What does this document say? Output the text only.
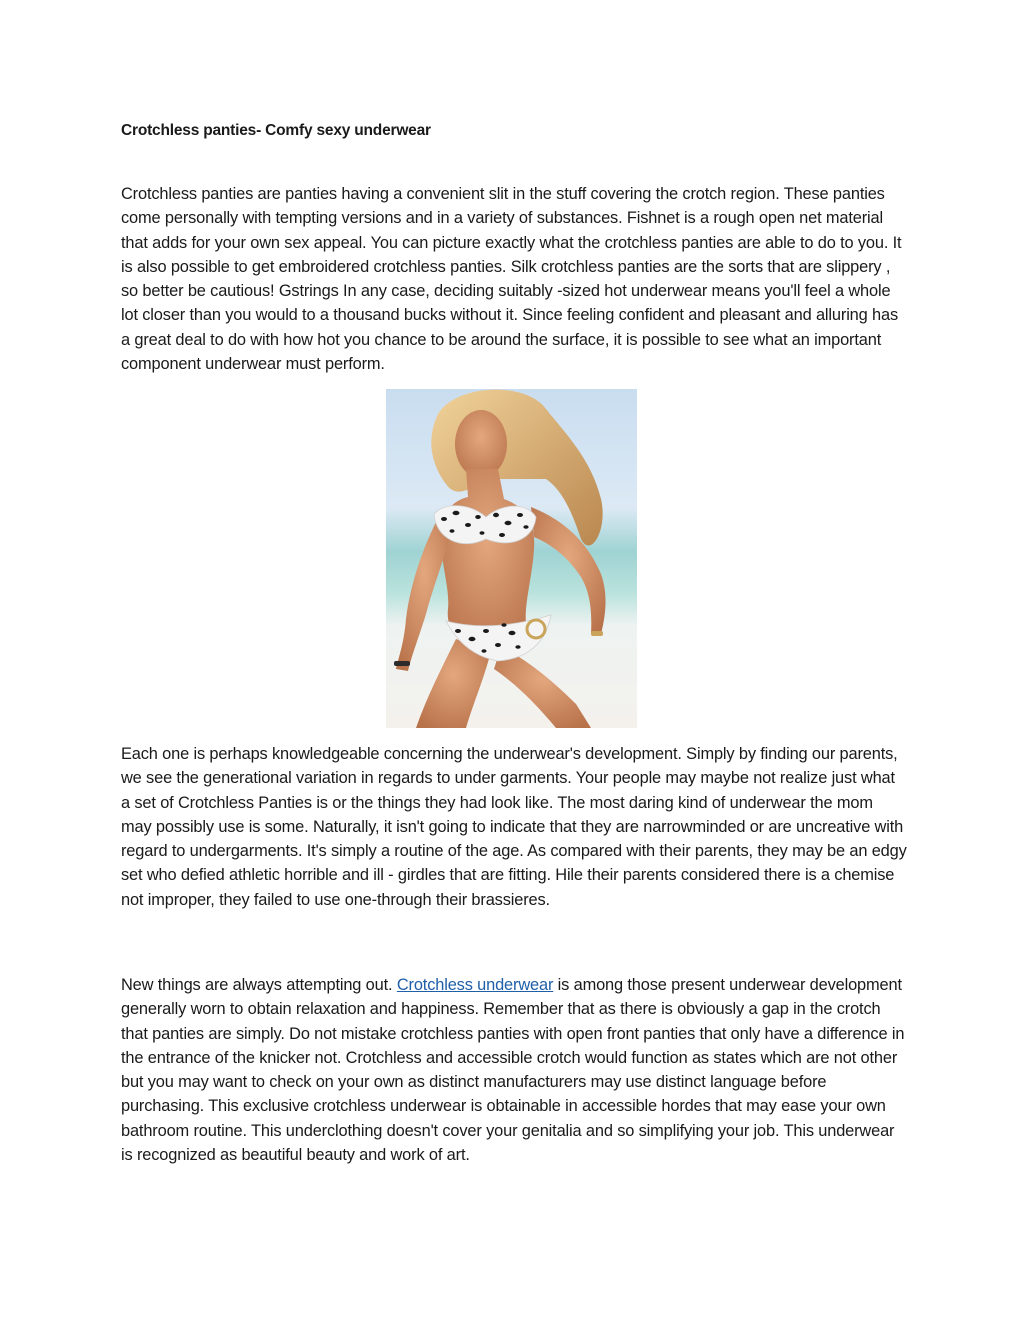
Crotchless panties- Comfy sexy underwear

Crotchless panties are panties having a convenient slit in the stuff covering the crotch region. These panties come personally with tempting versions and in a variety of substances. Fishnet is a rough open net material that adds for your own sex appeal. You can picture exactly what the crotchless panties are able to do to you. It is also possible to get embroidered crotchless panties. Silk crotchless panties are the sorts that are slippery , so better be cautious! Gstrings In any case, deciding suitably -sized hot underwear means you'll feel a whole lot closer than you would to a thousand bucks without it. Since feeling confident and pleasant and alluring has a great deal to do with how hot you chance to be around the surface, it is possible to see what an important component underwear must perform.

Each one is perhaps knowledgeable concerning the underwear's development. Simply by finding our parents, we see the generational variation in regards to under garments. Your people may maybe not realize just what a set of Crotchless Panties is or the things they had look like. The most daring kind of underwear the mom may possibly use is some. Naturally, it isn't going to indicate that they are narrowminded or are uncreative with regard to undergarments. It's simply a routine of the age. As compared with their parents, they may be an edgy set who defied athletic horrible and ill - girdles that are fitting. Hile their parents considered there is a chemise not improper, they failed to use one-through their brassieres.

New things are always attempting out. Crotchless underwear is among those present underwear development generally worn to obtain relaxation and happiness. Remember that as there is obviously a gap in the crotch that panties are simply. Do not mistake crotchless panties with open front panties that only have a difference in the entrance of the knicker not. Crotchless and accessible crotch would function as states which are not other but you may want to check on your own as distinct manufacturers may use distinct language before purchasing. This exclusive crotchless underwear is obtainable in accessible hordes that may ease your own bathroom routine. This underclothing doesn't cover your genitalia and so simplifying your job. This underwear is recognized as beautiful beauty and work of art.
